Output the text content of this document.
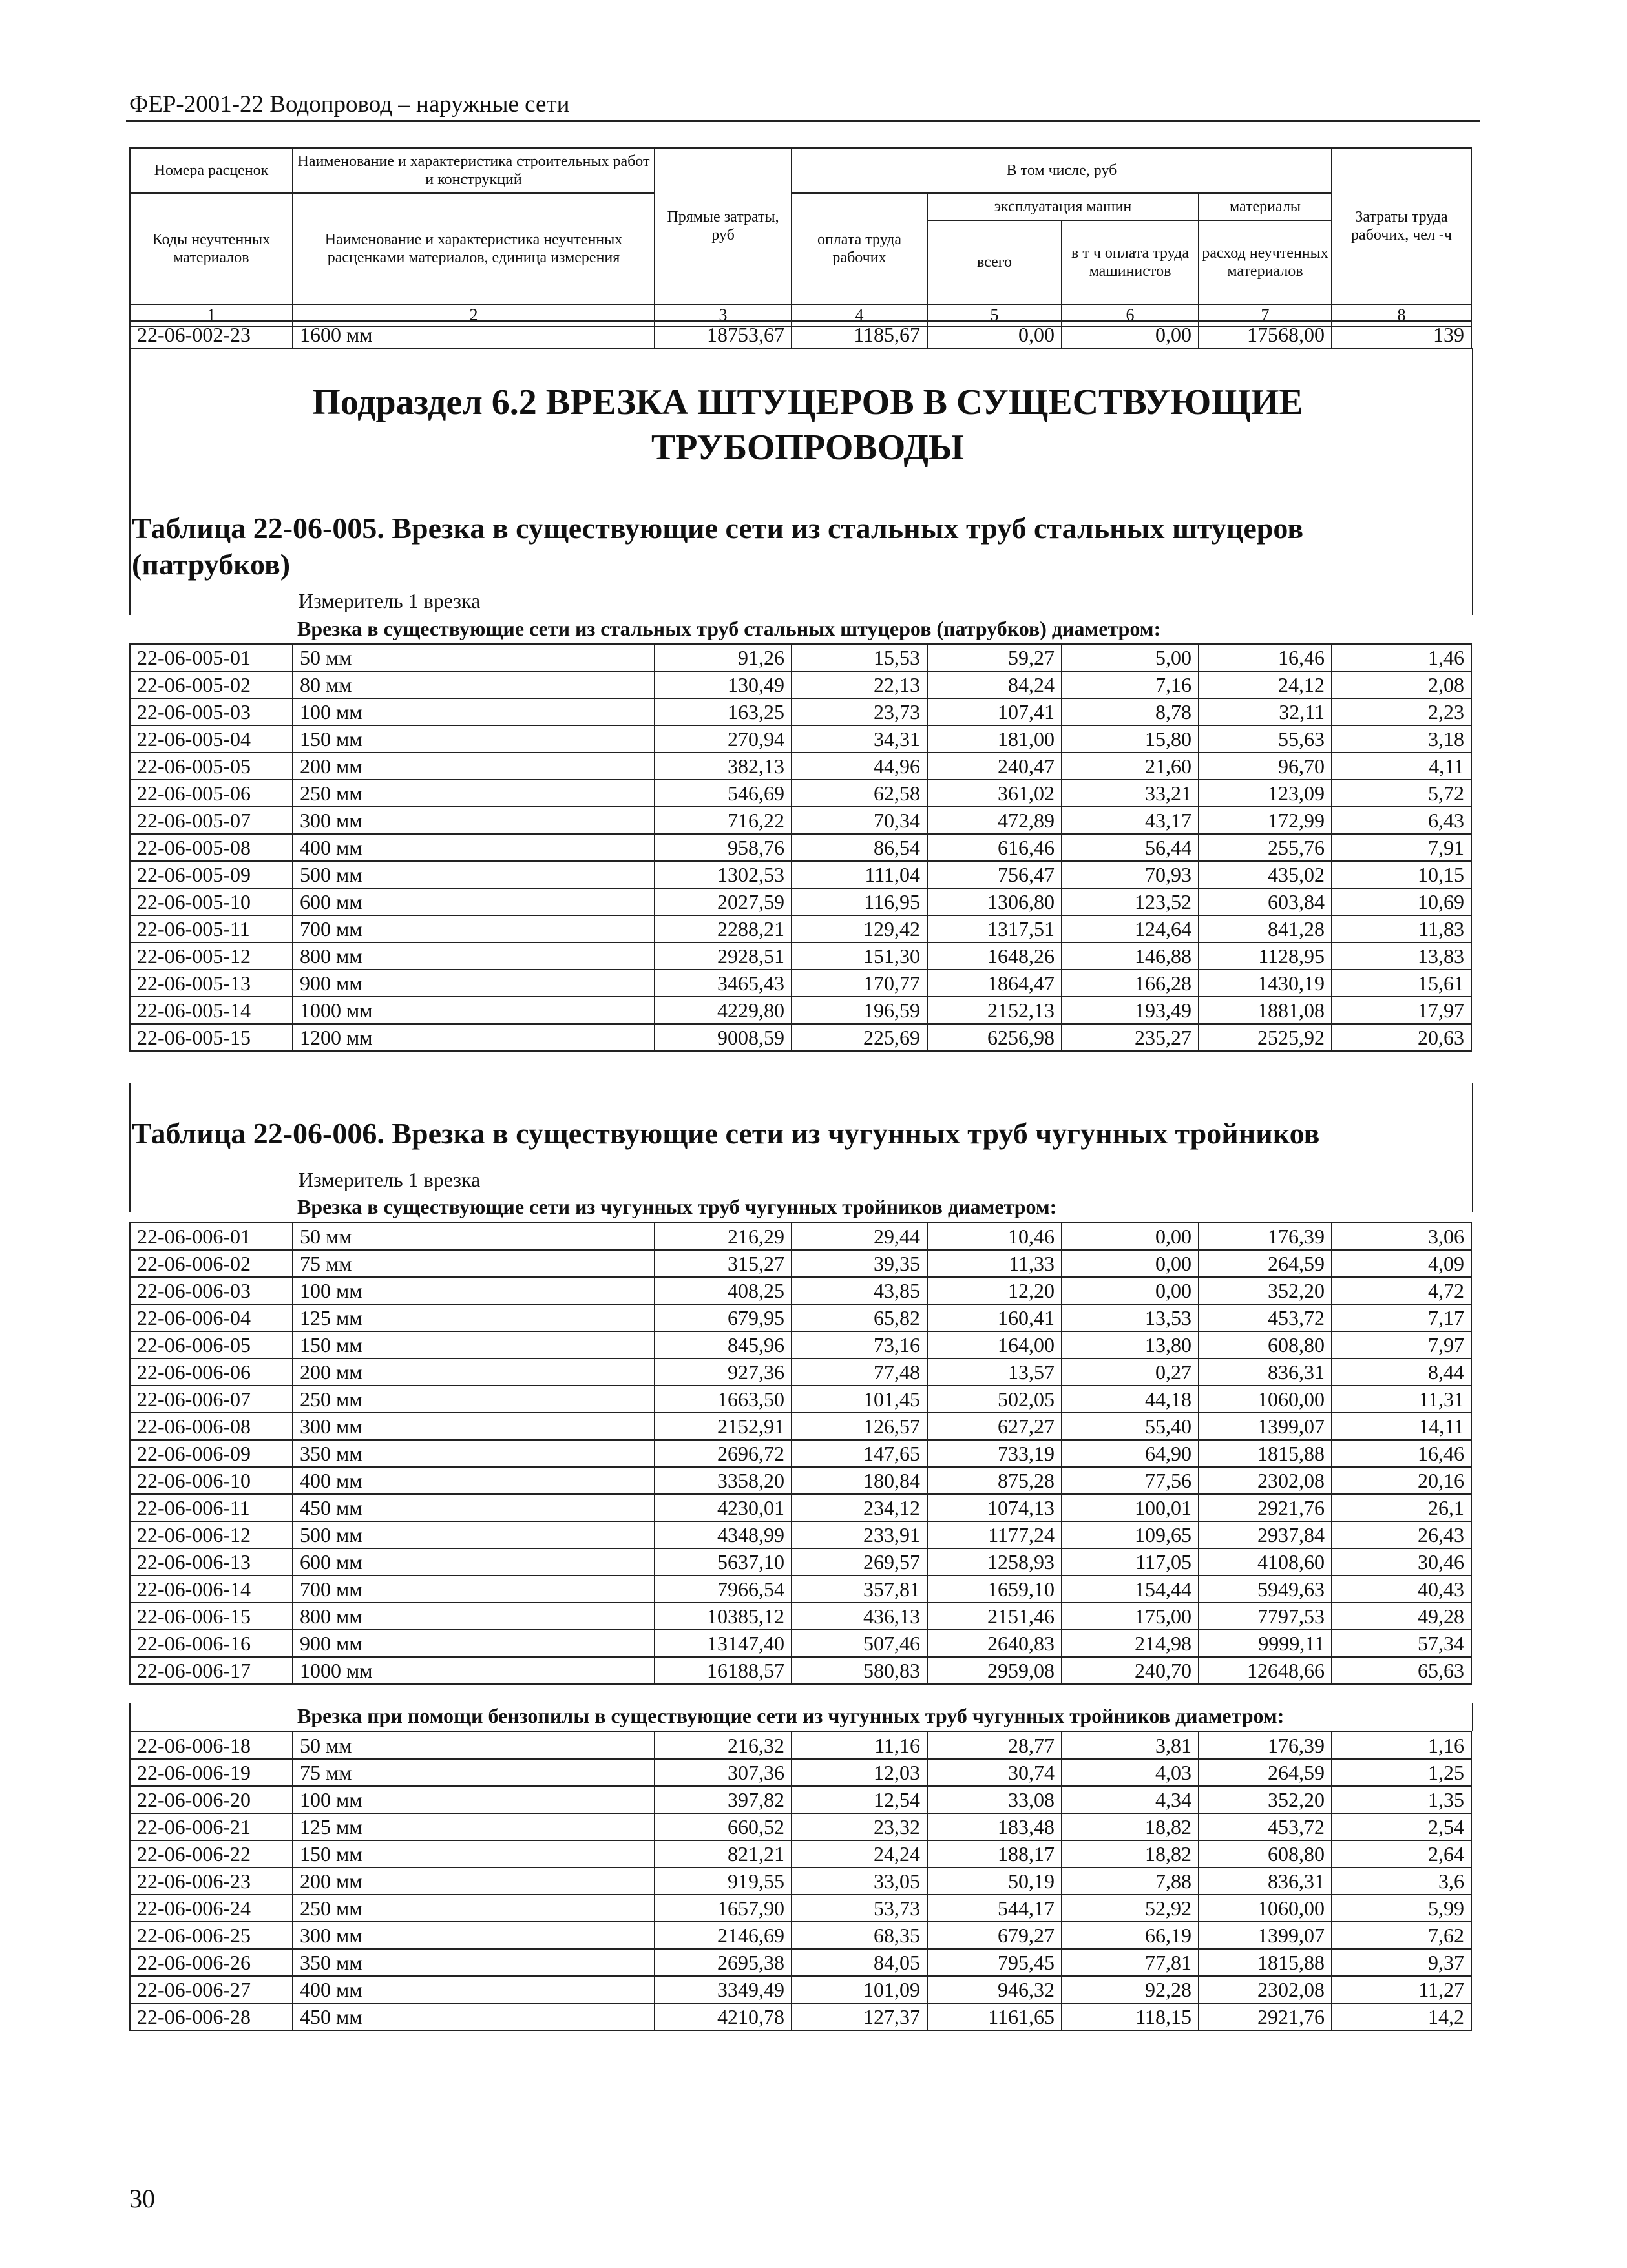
ФЕР-2001-22 Водопровод – наружные сети
Номера расценок	Наименование и характеристика строительных работ и конструкций	Прямые затраты, руб	В том числе, руб				Затраты труда рабочих, чел -ч
Коды неучтенных материалов	Наименование и характеристика неучтенных расценками материалов, единица измерения		оплата труда рабочих	эксплуатация машин		материалы	
				всего	в т ч оплата труда машинистов	расход неучтенных материалов	
1	2	3	4	5	6	7	8
22-06-002-23	1600 мм	18753,67	1185,67	0,00	0,00	17568,00	139
Подраздел 6.2 ВРЕЗКА ШТУЦЕРОВ В СУЩЕСТВУЮЩИЕ ТРУБОПРОВОДЫ
Таблица 22-06-005. Врезка в существующие сети из стальных труб стальных штуцеров (патрубков)
Измеритель 1 врезка
Врезка в существующие сети из стальных труб стальных штуцеров (патрубков) диаметром:
22-06-005-01	50 мм	91,26	15,53	59,27	5,00	16,46	1,46
22-06-005-02	80 мм	130,49	22,13	84,24	7,16	24,12	2,08
22-06-005-03	100 мм	163,25	23,73	107,41	8,78	32,11	2,23
22-06-005-04	150 мм	270,94	34,31	181,00	15,80	55,63	3,18
22-06-005-05	200 мм	382,13	44,96	240,47	21,60	96,70	4,11
22-06-005-06	250 мм	546,69	62,58	361,02	33,21	123,09	5,72
22-06-005-07	300 мм	716,22	70,34	472,89	43,17	172,99	6,43
22-06-005-08	400 мм	958,76	86,54	616,46	56,44	255,76	7,91
22-06-005-09	500 мм	1302,53	111,04	756,47	70,93	435,02	10,15
22-06-005-10	600 мм	2027,59	116,95	1306,80	123,52	603,84	10,69
22-06-005-11	700 мм	2288,21	129,42	1317,51	124,64	841,28	11,83
22-06-005-12	800 мм	2928,51	151,30	1648,26	146,88	1128,95	13,83
22-06-005-13	900 мм	3465,43	170,77	1864,47	166,28	1430,19	15,61
22-06-005-14	1000 мм	4229,80	196,59	2152,13	193,49	1881,08	17,97
22-06-005-15	1200 мм	9008,59	225,69	6256,98	235,27	2525,92	20,63
Таблица 22-06-006. Врезка в существующие сети из чугунных труб чугунных тройников
Измеритель 1 врезка
Врезка в существующие сети из чугунных труб чугунных тройников диаметром:
22-06-006-01	50 мм	216,29	29,44	10,46	0,00	176,39	3,06
22-06-006-02	75 мм	315,27	39,35	11,33	0,00	264,59	4,09
22-06-006-03	100 мм	408,25	43,85	12,20	0,00	352,20	4,72
22-06-006-04	125 мм	679,95	65,82	160,41	13,53	453,72	7,17
22-06-006-05	150 мм	845,96	73,16	164,00	13,80	608,80	7,97
22-06-006-06	200 мм	927,36	77,48	13,57	0,27	836,31	8,44
22-06-006-07	250 мм	1663,50	101,45	502,05	44,18	1060,00	11,31
22-06-006-08	300 мм	2152,91	126,57	627,27	55,40	1399,07	14,11
22-06-006-09	350 мм	2696,72	147,65	733,19	64,90	1815,88	16,46
22-06-006-10	400 мм	3358,20	180,84	875,28	77,56	2302,08	20,16
22-06-006-11	450 мм	4230,01	234,12	1074,13	100,01	2921,76	26,1
22-06-006-12	500 мм	4348,99	233,91	1177,24	109,65	2937,84	26,43
22-06-006-13	600 мм	5637,10	269,57	1258,93	117,05	4108,60	30,46
22-06-006-14	700 мм	7966,54	357,81	1659,10	154,44	5949,63	40,43
22-06-006-15	800 мм	10385,12	436,13	2151,46	175,00	7797,53	49,28
22-06-006-16	900 мм	13147,40	507,46	2640,83	214,98	9999,11	57,34
22-06-006-17	1000 мм	16188,57	580,83	2959,08	240,70	12648,66	65,63
Врезка при помощи бензопилы в существующие сети из чугунных труб чугунных тройников диаметром:
22-06-006-18	50 мм	216,32	11,16	28,77	3,81	176,39	1,16
22-06-006-19	75 мм	307,36	12,03	30,74	4,03	264,59	1,25
22-06-006-20	100 мм	397,82	12,54	33,08	4,34	352,20	1,35
22-06-006-21	125 мм	660,52	23,32	183,48	18,82	453,72	2,54
22-06-006-22	150 мм	821,21	24,24	188,17	18,82	608,80	2,64
22-06-006-23	200 мм	919,55	33,05	50,19	7,88	836,31	3,6
22-06-006-24	250 мм	1657,90	53,73	544,17	52,92	1060,00	5,99
22-06-006-25	300 мм	2146,69	68,35	679,27	66,19	1399,07	7,62
22-06-006-26	350 мм	2695,38	84,05	795,45	77,81	1815,88	9,37
22-06-006-27	400 мм	3349,49	101,09	946,32	92,28	2302,08	11,27
22-06-006-28	450 мм	4210,78	127,37	1161,65	118,15	2921,76	14,2
30
